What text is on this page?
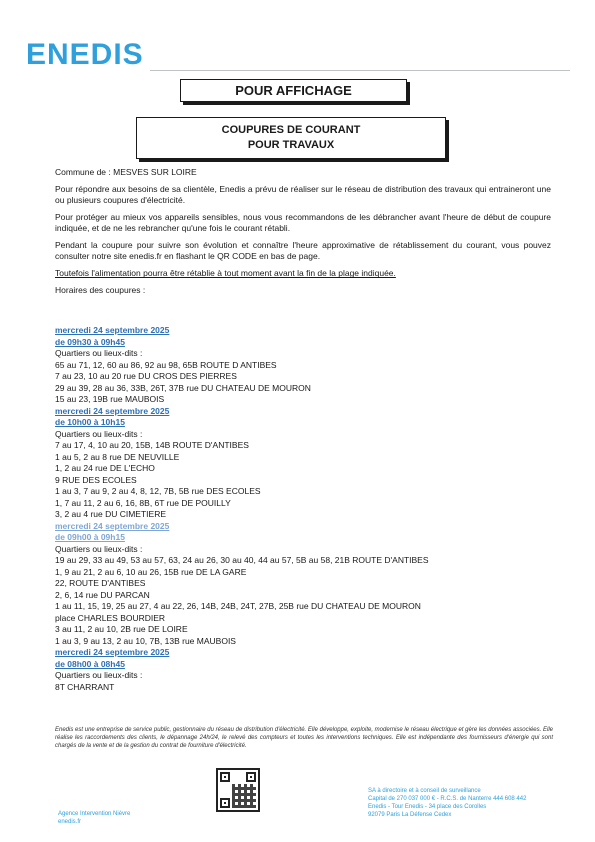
ENEDIS
POUR AFFICHAGE
COUPURES DE COURANT
POUR TRAVAUX

Commune de : MESVES SUR LOIRE

Pour répondre aux besoins de sa clientèle, Enedis a prévu de réaliser sur le réseau de distribution des travaux qui entraineront une ou plusieurs coupures d'électricité.

Pour protéger au mieux vos appareils sensibles, nous vous recommandons de les débrancher avant l'heure de début de coupure indiquée, et de ne les rebrancher qu'une fois le courant rétabli.

Pendant la coupure pour suivre son évolution et connaître l'heure approximative de rétablissement du courant, vous pouvez consulter notre site enedis.fr en flashant le QR CODE en bas de page.

Toutefois l'alimentation pourra être rétablie à tout moment avant la fin de la plage indiquée.

Horaires des coupures :

mercredi 24 septembre 2025
de 09h30 à 09h45
Quartiers ou lieux-dits :
65 au 71, 12, 60 au 86, 92 au 98, 65B ROUTE D ANTIBES
7 au 23, 10 au 20 rue DU CROS DES PIERRES
29 au 39, 28 au 36, 33B, 26T, 37B rue DU CHATEAU DE MOURON
15 au 23, 19B rue MAUBOIS
mercredi 24 septembre 2025
de 10h00 à 10h15
Quartiers ou lieux-dits :
7 au 17, 4, 10 au 20, 15B, 14B ROUTE D'ANTIBES
1 au 5, 2 au 8 rue DE NEUVILLE
1, 2 au 24 rue DE L'ECHO
9 RUE DES ECOLES
1 au 3, 7 au 9, 2 au 4, 8, 12, 7B, 5B rue DES ECOLES
1, 7 au 11, 2 au 6, 16, 8B, 6T rue DE POUILLY
3, 2 au 4 rue DU CIMETIERE
mercredi 24 septembre 2025
de 09h00 à 09h15
Quartiers ou lieux-dits :
19 au 29, 33 au 49, 53 au 57, 63, 24 au 26, 30 au 40, 44 au 57, 5B au 58, 21B ROUTE D'ANTIBES
1, 9 au 21, 2 au 6, 10 au 26, 15B rue DE LA GARE
22, ROUTE D'ANTIBES
2, 6, 14 rue DU PARCAN
1 au 11, 15, 19, 25 au 27, 4 au 22, 26, 14B, 24B, 24T, 27B, 25B rue DU CHATEAU DE MOURON
place CHARLES BOURDIER
3 au 11, 2 au 10, 2B rue DE LOIRE
1 au 3, 9 au 13, 2 au 10, 7B, 13B rue MAUBOIS
mercredi 24 septembre 2025
de 08h00 à 08h45
Quartiers ou lieux-dits :
8T CHARRANT
Enedis est une entreprise de service public, gestionnaire du réseau de distribution d'électricité. Elle développe, exploite, modernise le réseau électrique et gère les données associées. Elle réalise les raccordements des clients, le dépannage 24h/24, le relevé des compteurs et toutes les interventions techniques. Elle est indépendante des fournisseurs d'énergie qui sont chargés de la vente et de la gestion du contrat de fourniture d'électricité.
Agence Intervention Nièvre
enedis.fr
SA à directoire et à conseil de surveillance
Capital de 270 037 000 € - R.C.S. de Nanterre 444 608 442
Enedis - Tour Enedis - 34 place des Corolles
92079 Paris La Défense Cedex
